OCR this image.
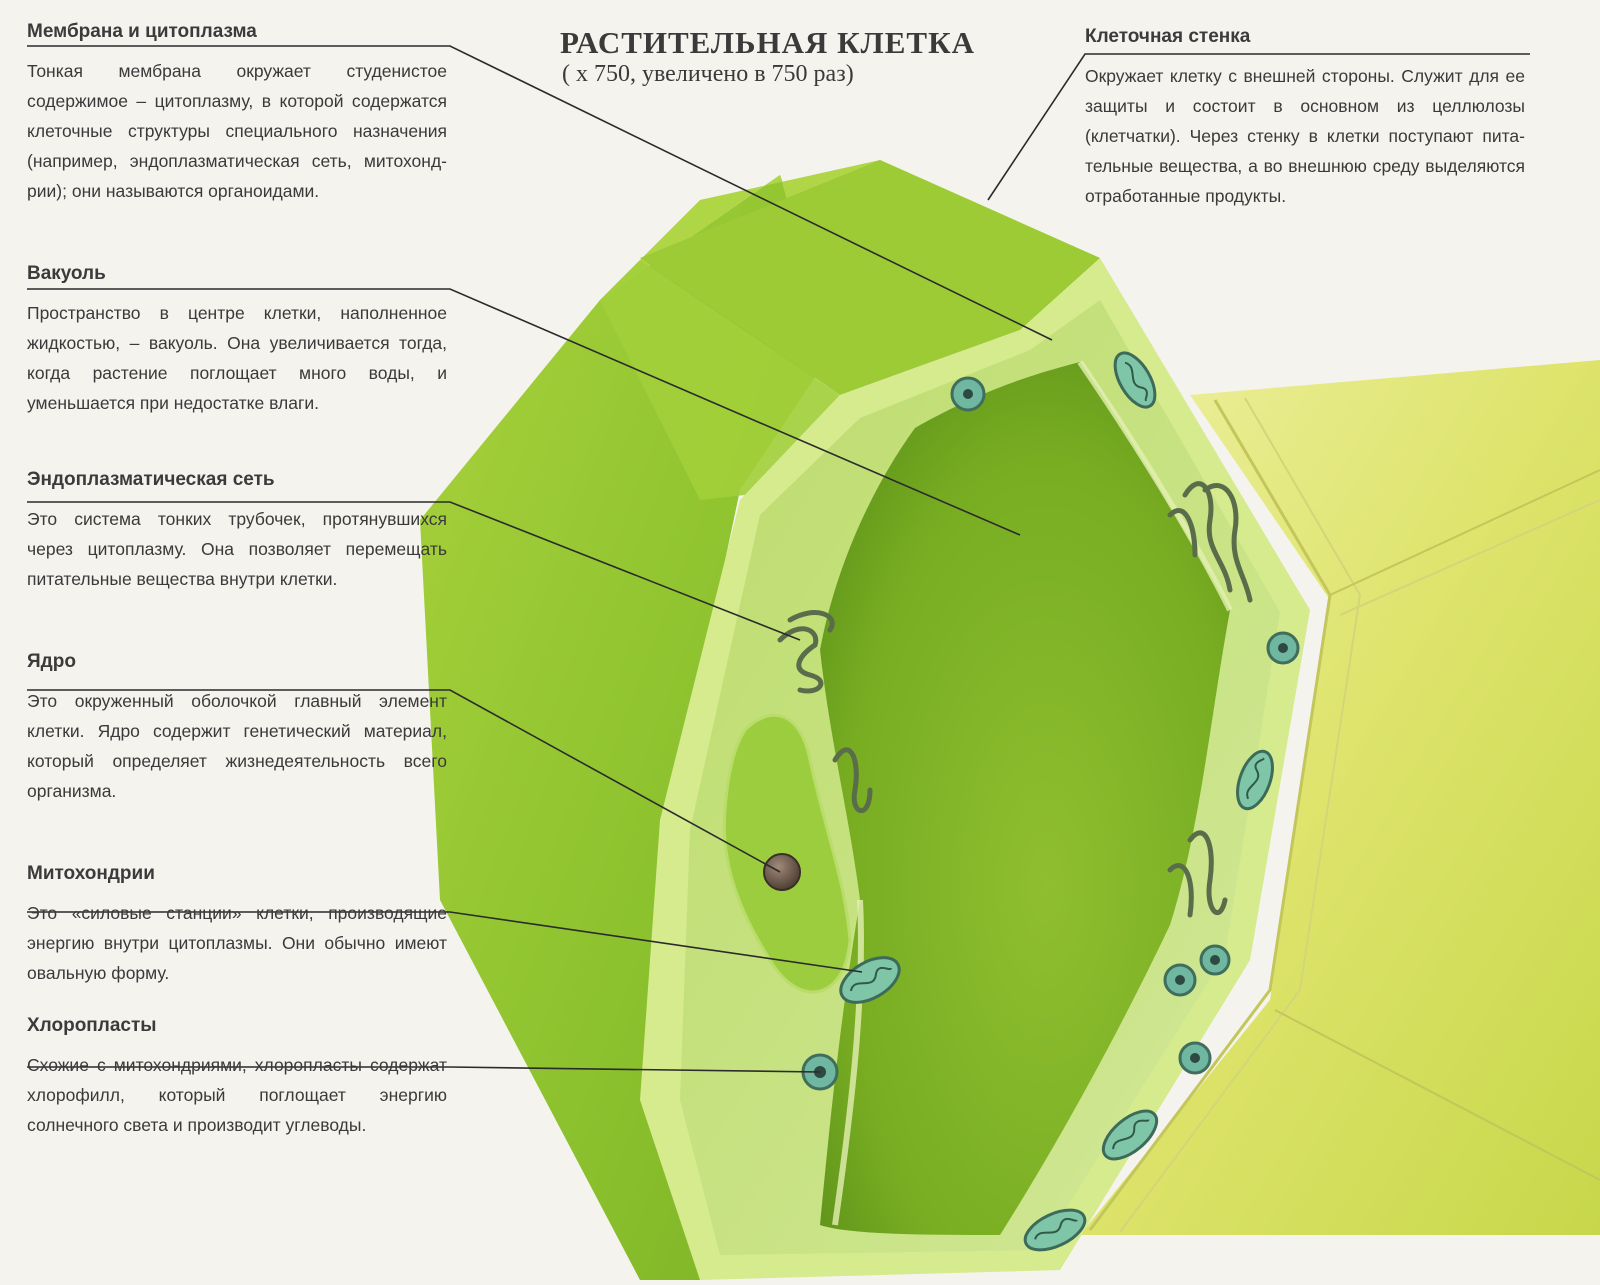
РАСТИТЕЛЬНАЯ КЛЕТКА
( х 750, увеличено в 750 раз)
Мембрана и цитоплазма

Тонкая мембрана окружает студенистое содержимое – цитоплазму, в которой содержатся клеточные структуры специального назначения (например, эндоплазматическая сеть, митохондрии); они называются органоидами.

Вакуоль

Пространство в центре клетки, наполненное жидкостью, – вакуоль. Она увеличивается тогда, когда растение поглощает много воды, и уменьшается при недостатке влаги.

Эндоплазматическая сеть

Это система тонких трубочек, протянувшихся через цитоплазму. Она позволяет перемещать питательные вещества внутри клетки.

Ядро

Это окруженный оболочкой главный элемент клетки. Ядро содержит генетический материал, который определяет жизнедеятельность всего организма.

Митохондрии

Это «силовые станции» клетки, производящие энергию внутри цитоплазмы. Они обычно имеют овальную форму.

Хлоропласты

Схожие с митохондриями, хлоропласты содержат хлорофилл, который поглощает энергию солнечного света и производит углеводы.

Клеточная стенка

Окружает клетку с внешней стороны. Служит для ее защиты и состоит в основном из целлюлозы (клетчатки). Через стенку в клетки поступают питательные вещества, а во внешнюю среду выделяются отработанные продукты.
